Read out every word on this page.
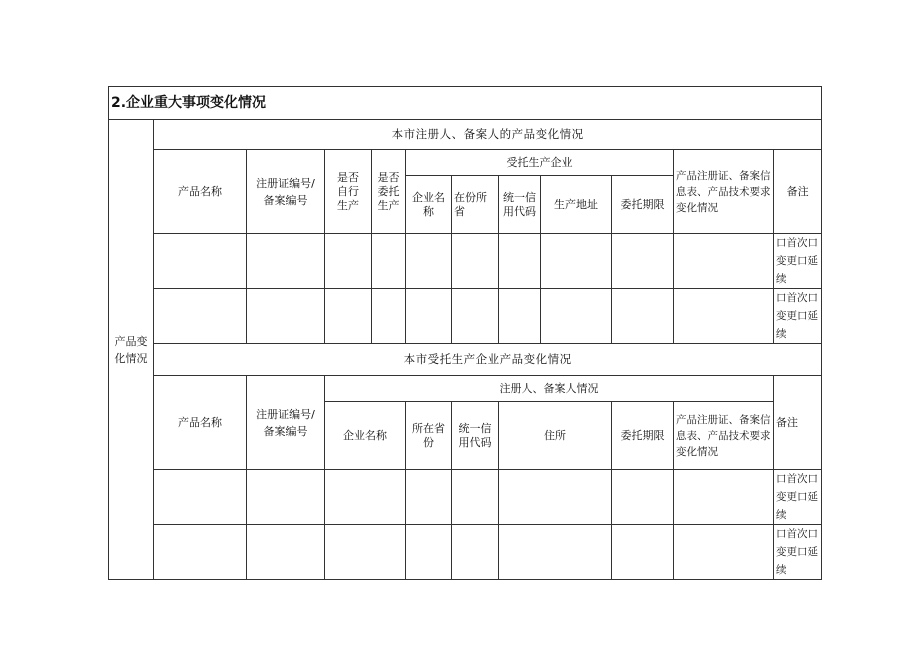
2.企业重大事项变化情况											
产品变化情况	本市注册人、备案人的产品变化情况										
	产品名称	注册证编号/备案编号	是否自行生产	是否委托生产	受托生产企业					产品注册证、备案信息表、产品技术要求变化情况	备注
					企业名称	在份所省	统一信用代码	生产地址	委托期限		
											口首次口变更口延续
											口首次口变更口延续
	本市受托生产企业产品变化情况										
	产品名称	注册证编号/备案编号	注册人、备案人情况								备注
			企业名称		所在省份	统一信用代码	住所		委托期限	产品注册证、备案信息表、产品技术要求变化情况	
											口首次口变更口延续
											口首次口变更口延续
